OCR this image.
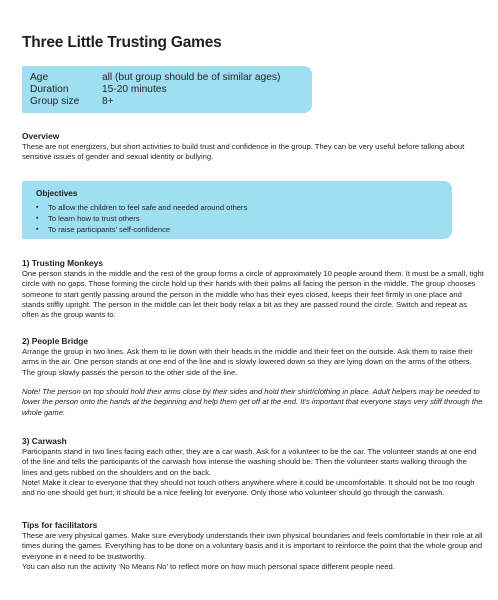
Three Little Trusting Games
Age	all (but group should be of similar ages)
Duration	15-20 minutes
Group size 8+
Overview

These are not energizers, but short activities to build trust and confidence in the group. They can be very useful before talking about sensitive issues of gender and sexual identity or bullying.

Objectives
▪ To allow the children to feel safe and needed around others
▪ To learn how to trust others
▪ To raise participants’ self-confidence
1) Trusting Monkeys

One person stands in the middle and the rest of the group forms a circle of approximately 10 people around them. It must be a small, tight circle with no gaps. Those forming the circle hold up their hands with their palms all facing the person in the middle. The group chooses someone to start gently passing around the person in the middle who has their eyes closed, keeps their feet firmly in one place and stands stiffly upright. The person in the middle can let their body relax a bit as they are passed round the circle. Switch and repeat as often as the group wants to.

2) People Bridge

Arrange the group in two lines. Ask them to lie down with their heads in the middle and their feet on the outside. Ask them to raise their arms in the air. One person stands at one end of the line and is slowly lowered down so they are lying down on the arms of the others. The group slowly passes the person to the other side of the line.

Note! The person on top should hold their arms close by their sides and hold their shirt/clothing in place. Adult helpers may be needed to lower the person onto the hands at the beginning and help them get off at the end. It’s important that everyone stays very stiff through the whole game.

3) Carwash

Participants stand in two lines facing each other, they are a car wash. Ask for a volunteer to be the car. The volunteer stands at one end of the line and tells the participants of the carwash how intense the washing should be. Then the volunteer starts walking through the lines and gets rubbed on the shoulders and on the back.

Note! Make it clear to everyone that they should not touch others anywhere where it could be uncomfortable. It should not be too rough and no one should get hurt; it should be a nice feeling for everyone. Only those who volunteer should go through the carwash.

Tips for facilitators

These are very physical games. Make sure everybody understands their own physical boundaries and feels comfortable in their role at all times during the games. Everything has to be done on a voluntary basis and it is important to reinforce the point that the whole group and everyone in it need to be trustworthy.

You can also run the activity ‘No Means No’ to reflect more on how much personal space different people need.
